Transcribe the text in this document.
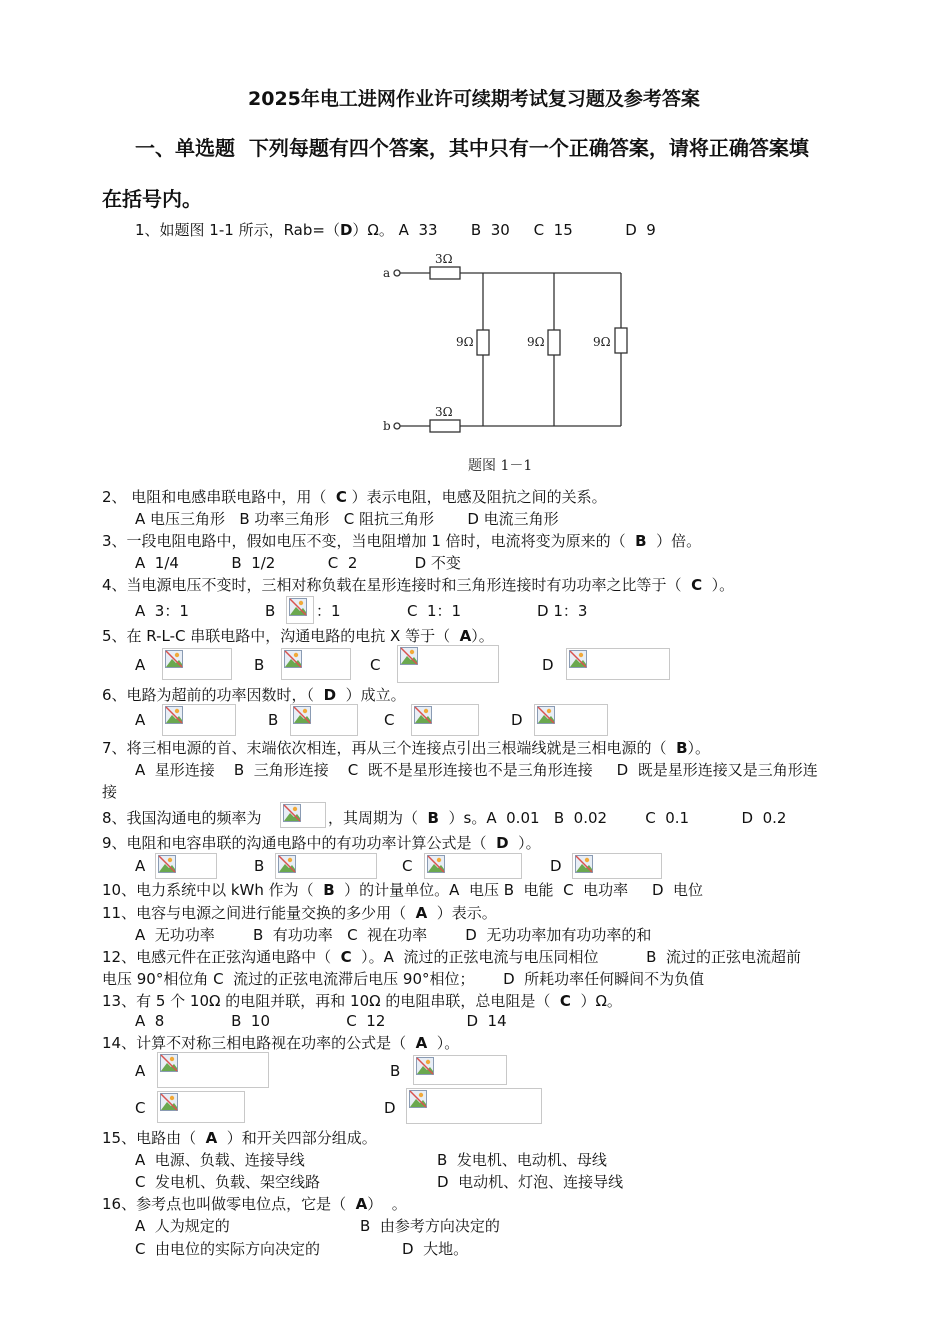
2025年电工进网作业许可续期考试复习题及参考答案
一、单选题  下列每题有四个答案，其中只有一个正确答案，请将正确答案填
在括号内。
1、如题图 1-1 所示，Rab=（D）Ω。 A  33       B  30     C  15           D  9
a
b
3Ω
3Ω
9Ω	9Ω	9Ω
题图 1－1
2、 电阻和电感串联电路中，用（  C ）表示电阻，电感及阻抗之间的关系。
A 电压三角形   B 功率三角形   C 阻抗三角形       D 电流三角形
3、一段电阻电路中，假如电压不变，当电阻增加 1 倍时，电流将变为原来的（  B  ）倍。
A  1/4           B  1/2           C  2            D 不变
4、当电源电压不变时，三相对称负载在星形连接时和三角形连接时有功功率之比等于（  C  ）。
A  3：1	B	：1	C  1：1	D 1：3
5、在 R-L-C 串联电路中，沟通电路的电抗 X 等于（  A）。
A	B	C	D
6、电路为超前的功率因数时，（  D  ）成立。
A	B	C	D
7、将三相电源的首、末端依次相连，再从三个连接点引出三根端线就是三相电源的（  B）。
A  星形连接    B  三角形连接    C  既不是星形连接也不是三角形连接     D  既是星形连接又是三角形连
接
8、我国沟通电的频率为	，其周期为（  B  ）s。A  0.01   B  0.02        C  0.1           D  0.2
9、电阻和电容串联的沟通电路中的有功功率计算公式是（  D  ）。
A	B	C	D
10、电力系统中以 kWh 作为（  B  ）的计量单位。A  电压 B  电能  C  电功率     D  电位
11、电容与电源之间进行能量交换的多少用（  A  ）表示。
A  无功功率        B  有功功率   C  视在功率        D  无功功率加有功功率的和
12、电感元件在正弦沟通电路中（  C  ）。A  流过的正弦电流与电压同相位          B  流过的正弦电流超前
电压 90°相位角 C  流过的正弦电流滞后电压 90°相位；      D  所耗功率任何瞬间不为负值
13、有 5 个 10Ω 的电阻并联，再和 10Ω 的电阻串联，总电阻是（  C  ）Ω。
A  8              B  10                C  12                 D  14
14、计算不对称三相电路视在功率的公式是（  A  ）。
A	B
C	D
15、电路由（  A  ）和开关四部分组成。
A  电源、负载、连接导线	B  发电机、电动机、母线
C  发电机、负载、架空线路	D  电动机、灯泡、连接导线
16、参考点也叫做零电位点，它是（  A）  。
A  人为规定的	B  由参考方向决定的
C  由电位的实际方向决定的	D  大地。
